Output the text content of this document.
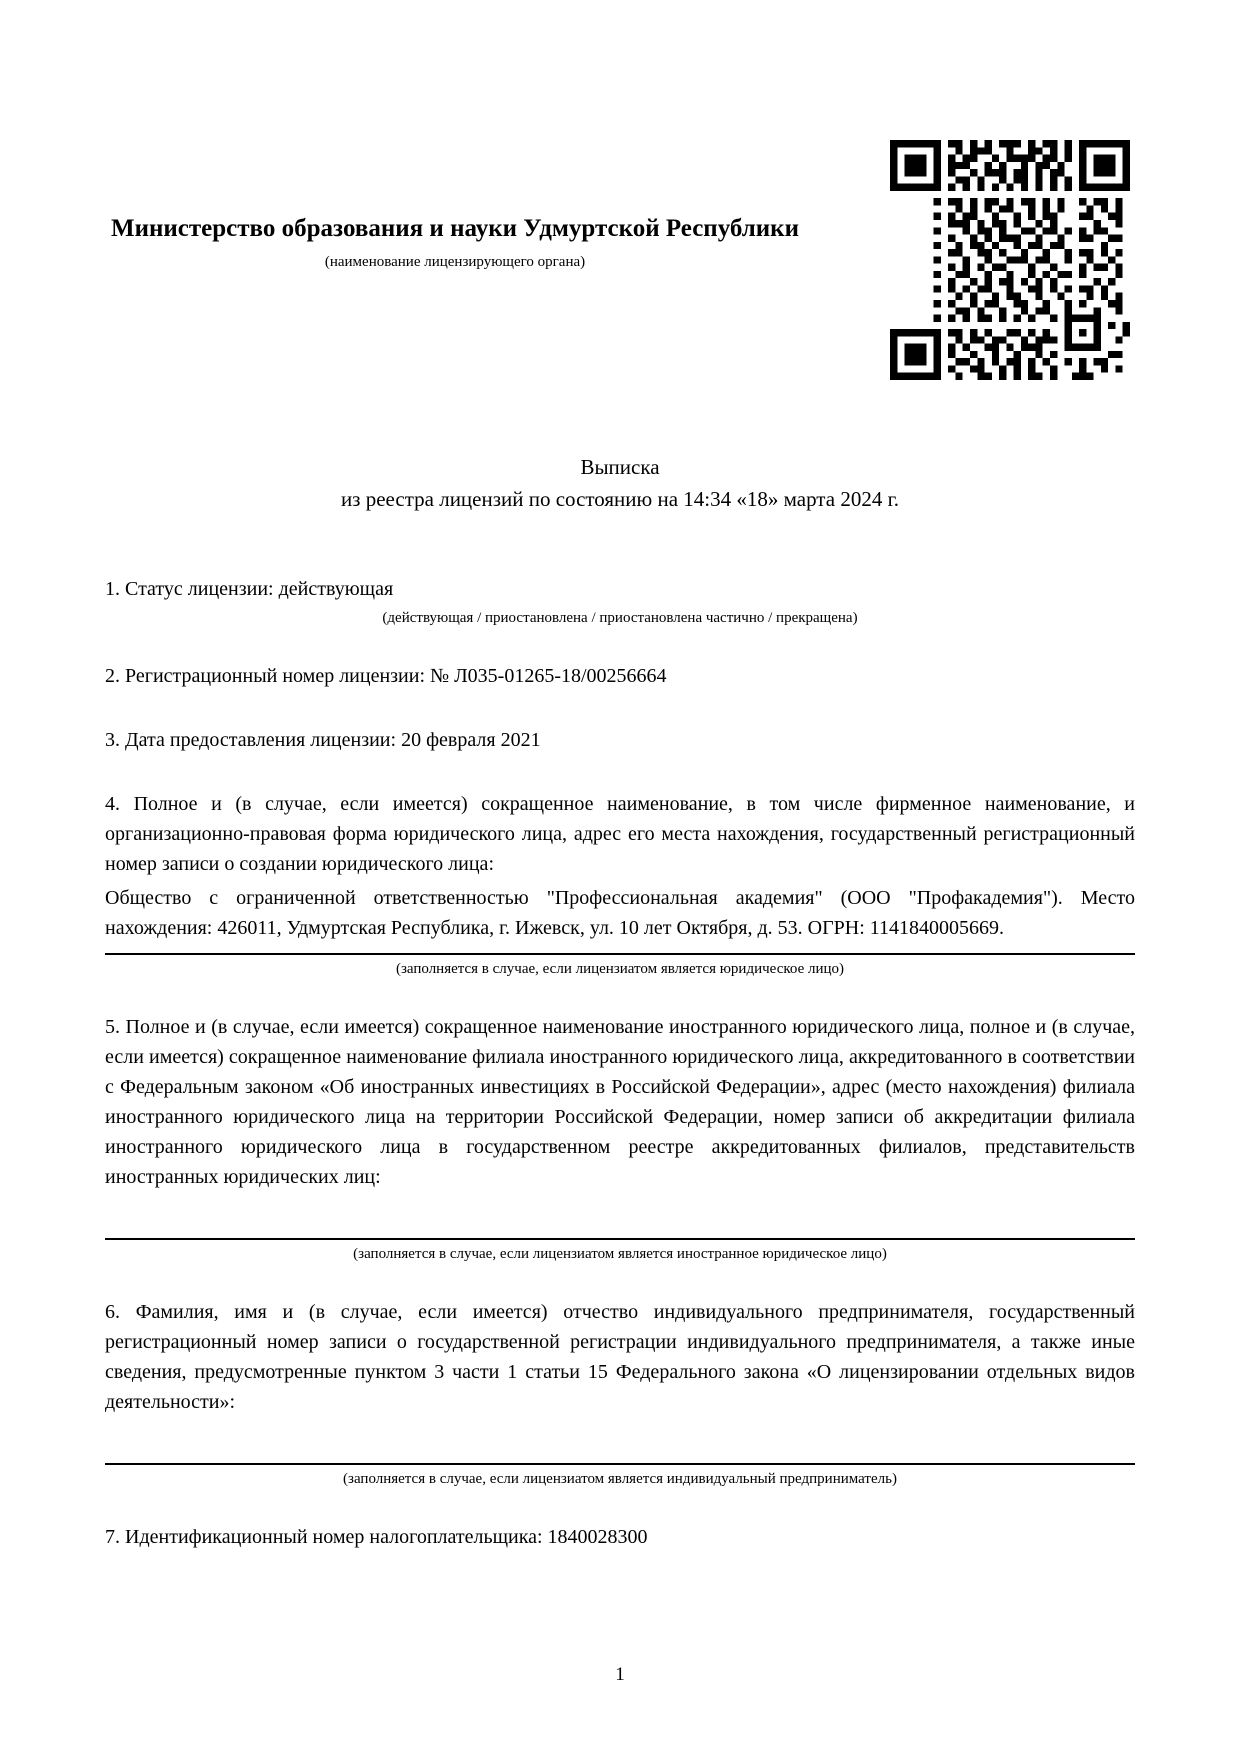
Министерство образования и науки Удмуртской Республики
(наименование лицензирующего органа)
Выписка
из реестра лицензий по состоянию на 14:34 «18» марта 2024 г.
1. Статус лицензии: действующая
(действующая / приостановлена / приостановлена частично / прекращена)
2. Регистрационный номер лицензии: № Л035-01265-18/00256664
3. Дата предоставления лицензии: 20 февраля 2021
4. Полное и (в случае, если имеется) сокращенное наименование, в том числе фирменное наименование, и организационно-правовая форма юридического лица, адрес его места нахождения, государственный регистрационный номер записи о создании юридического лица:
Общество с ограниченной ответственностью "Профессиональная академия" (ООО "Профакадемия"). Место нахождения: 426011, Удмуртская Республика, г. Ижевск, ул. 10 лет Октября, д. 53. ОГРН: 1141840005669.
(заполняется в случае, если лицензиатом является юридическое лицо)
5. Полное и (в случае, если имеется) сокращенное наименование иностранного юридического лица, полное и (в случае, если имеется) сокращенное наименование филиала иностранного юридического лица, аккредитованного в соответствии с Федеральным законом «Об иностранных инвестициях в Российской Федерации», адрес (место нахождения) филиала иностранного юридического лица на территории Российской Федерации, номер записи об аккредитации филиала иностранного юридического лица в государственном реестре аккредитованных филиалов, представительств иностранных юридических лиц:
(заполняется в случае, если лицензиатом является иностранное юридическое лицо)
6. Фамилия, имя и (в случае, если имеется) отчество индивидуального предпринимателя, государственный регистрационный номер записи о государственной регистрации индивидуального предпринимателя, а также иные сведения, предусмотренные пунктом 3 части 1 статьи 15 Федерального закона «О лицензировании отдельных видов деятельности»:
(заполняется в случае, если лицензиатом является индивидуальный предприниматель)
7. Идентификационный номер налогоплательщика: 1840028300
1
